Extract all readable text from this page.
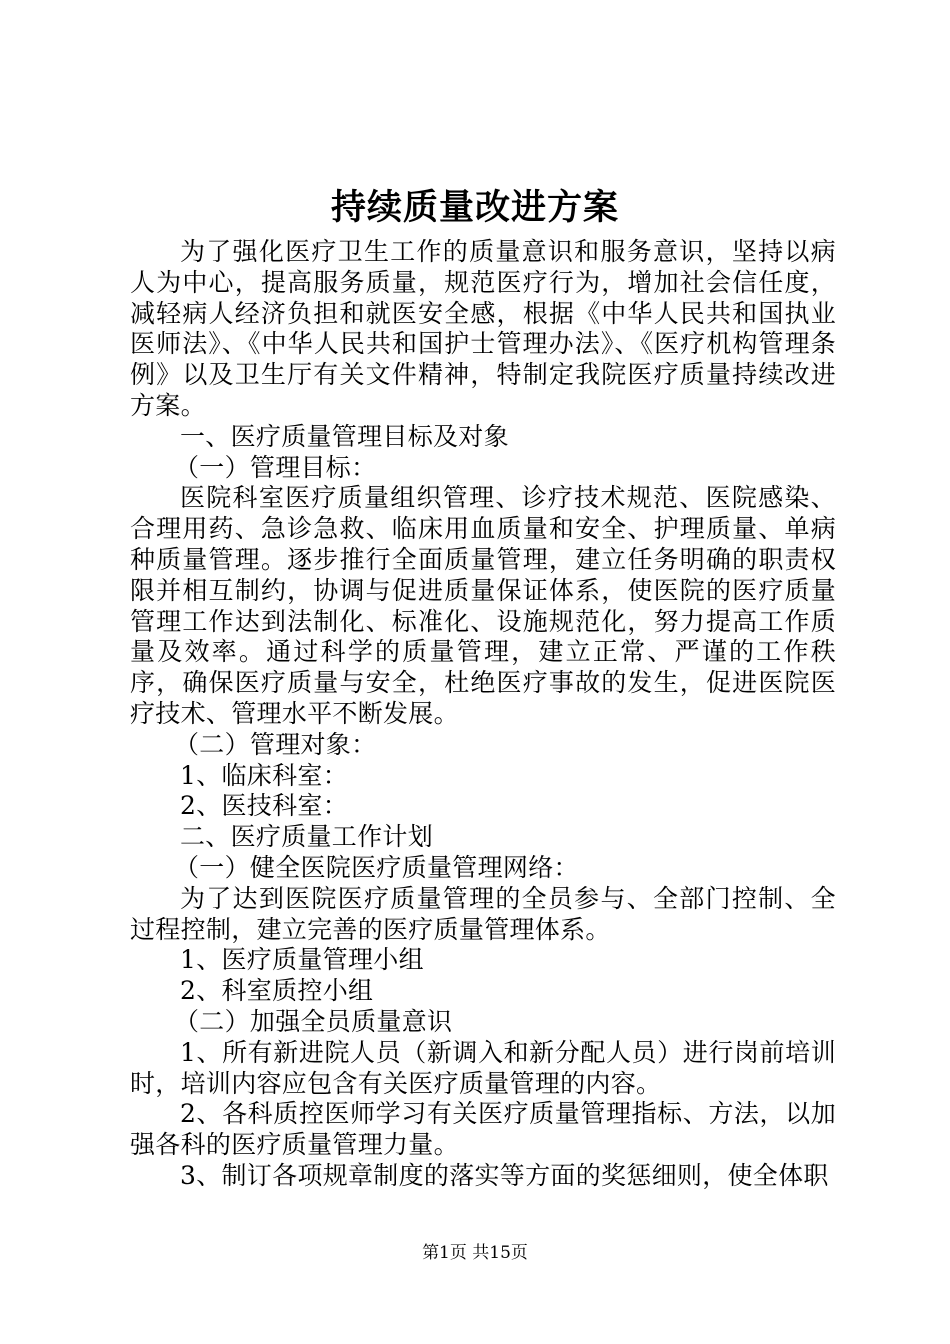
持续质量改进方案

为了强化医疗卫生工作的质量意识和服务意识，坚持以病人为中心，提高服务质量，规范医疗行为，增加社会信任度，减轻病人经济负担和就医安全感，根据《中华人民共和国执业医师法》、《中华人民共和国护士管理办法》、《医疗机构管理条例》以及卫生厅有关文件精神，特制定我院医疗质量持续改进方案。

一、医疗质量管理目标及对象

（一）管理目标：

医院科室医疗质量组织管理、诊疗技术规范、医院感染、合理用药、急诊急救、临床用血质量和安全、护理质量、单病种质量管理。逐步推行全面质量管理，建立任务明确的职责权限并相互制约，协调与促进质量保证体系，使医院的医疗质量管理工作达到法制化、标准化、设施规范化，努力提高工作质量及效率。通过科学的质量管理，建立正常、严谨的工作秩序，确保医疗质量与安全，杜绝医疗事故的发生，促进医院医疗技术、管理水平不断发展。

（二）管理对象：

1、临床科室：

2、医技科室：

二、医疗质量工作计划

（一）健全医院医疗质量管理网络：

为了达到医院医疗质量管理的全员参与、全部门控制、全过程控制，建立完善的医疗质量管理体系。

1、医疗质量管理小组

2、科室质控小组

（二）加强全员质量意识

1、所有新进院人员（新调入和新分配人员）进行岗前培训时，培训内容应包含有关医疗质量管理的内容。

2、各科质控医师学习有关医疗质量管理指标、方法，以加强各科的医疗质量管理力量。

3、制订各项规章制度的落实等方面的奖惩细则，使全体职

第1页 共15页
